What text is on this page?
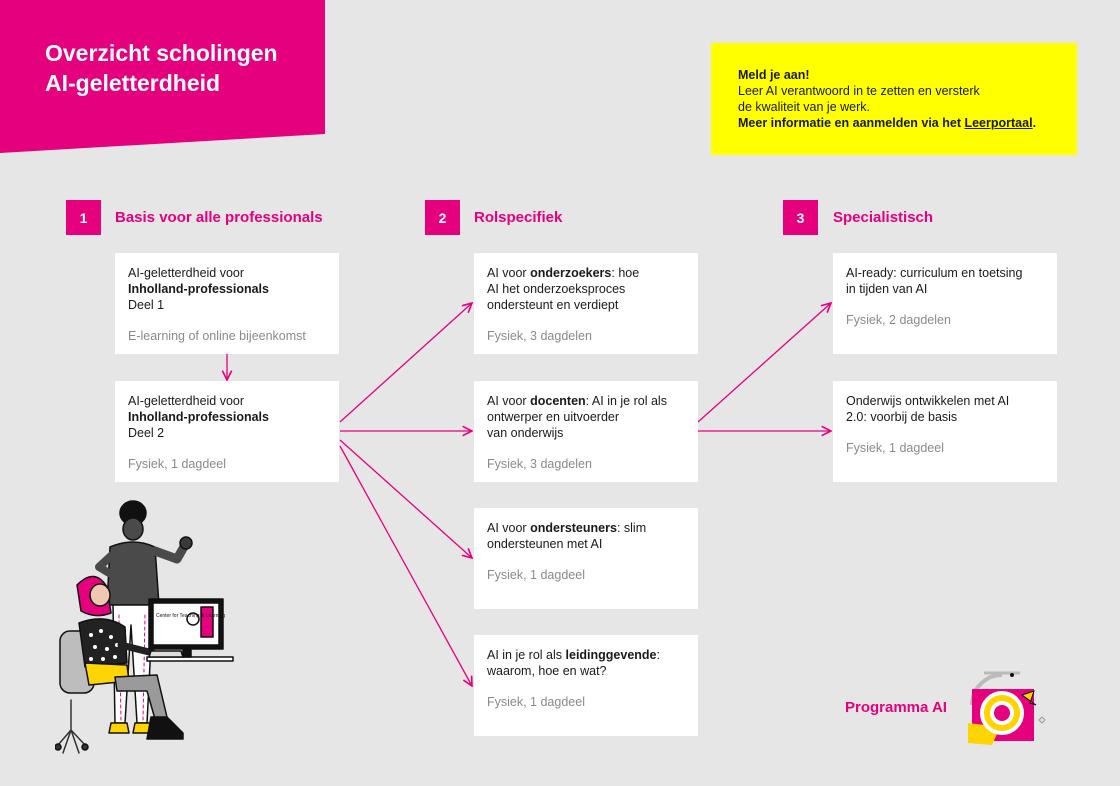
Overzicht scholingen
AI-geletterdheid	Meld je aan!
Leer AI verantwoord in te zetten en versterk
de kwaliteit van je werk.
Meer informatie en aanmelden via het Leerportaal.
1	Basis voor alle professionals	2	Rolspecifiek	3	Specialistisch
AI-geletterdheid voor
Inholland-professionals
Deel 1
E-learning of online bijeenkomst
AI-geletterdheid voor
Inholland-professionals
Deel 2
Fysiek, 1 dagdeel
AI voor onderzoekers: hoe
AI het onderzoeksproces
ondersteunt en verdiept
Fysiek, 3 dagdelen
AI voor docenten: AI in je rol als
ontwerper en uitvoerder
van onderwijs
Fysiek, 3 dagdelen
AI voor ondersteuners: slim
ondersteunen met AI
Fysiek, 1 dagdeel
AI in je rol als leidinggevende:
waarom, hoe en wat?
Fysiek, 1 dagdeel
AI-ready: curriculum en toetsing
in tijden van AI
Fysiek, 2 dagdelen
Onderwijs ontwikkelen met AI
2.0: voorbij de basis
Fysiek, 1 dagdeel
Center for Teaching & Learning
Programma AI
